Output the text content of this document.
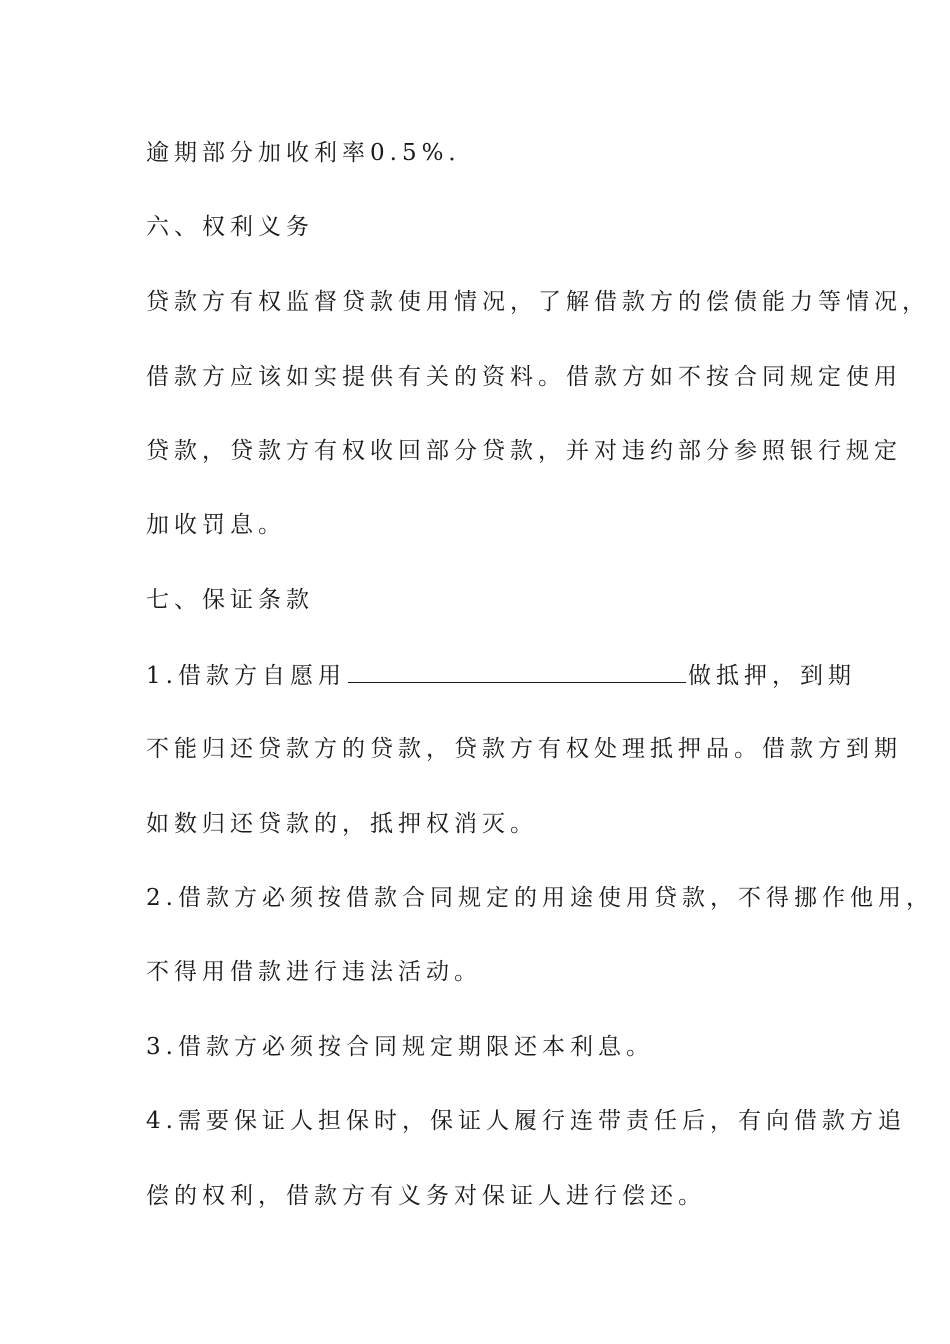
逾期部分加收利率0.5%．
六、权利义务
贷款方有权监督贷款使用情况，了解借款方的偿债能力等情况，
借款方应该如实提供有关的资料。借款方如不按合同规定使用
贷款，贷款方有权收回部分贷款，并对违约部分参照银行规定
加收罚息。
七、保证条款
1.借款方自愿用	做抵押，到期
不能归还贷款方的贷款，贷款方有权处理抵押品。借款方到期
如数归还贷款的，抵押权消灭。
2.借款方必须按借款合同规定的用途使用贷款，不得挪作他用，
不得用借款进行违法活动。
3.借款方必须按合同规定期限还本利息。
4.需要保证人担保时，保证人履行连带责任后，有向借款方追
偿的权利，借款方有义务对保证人进行偿还。
